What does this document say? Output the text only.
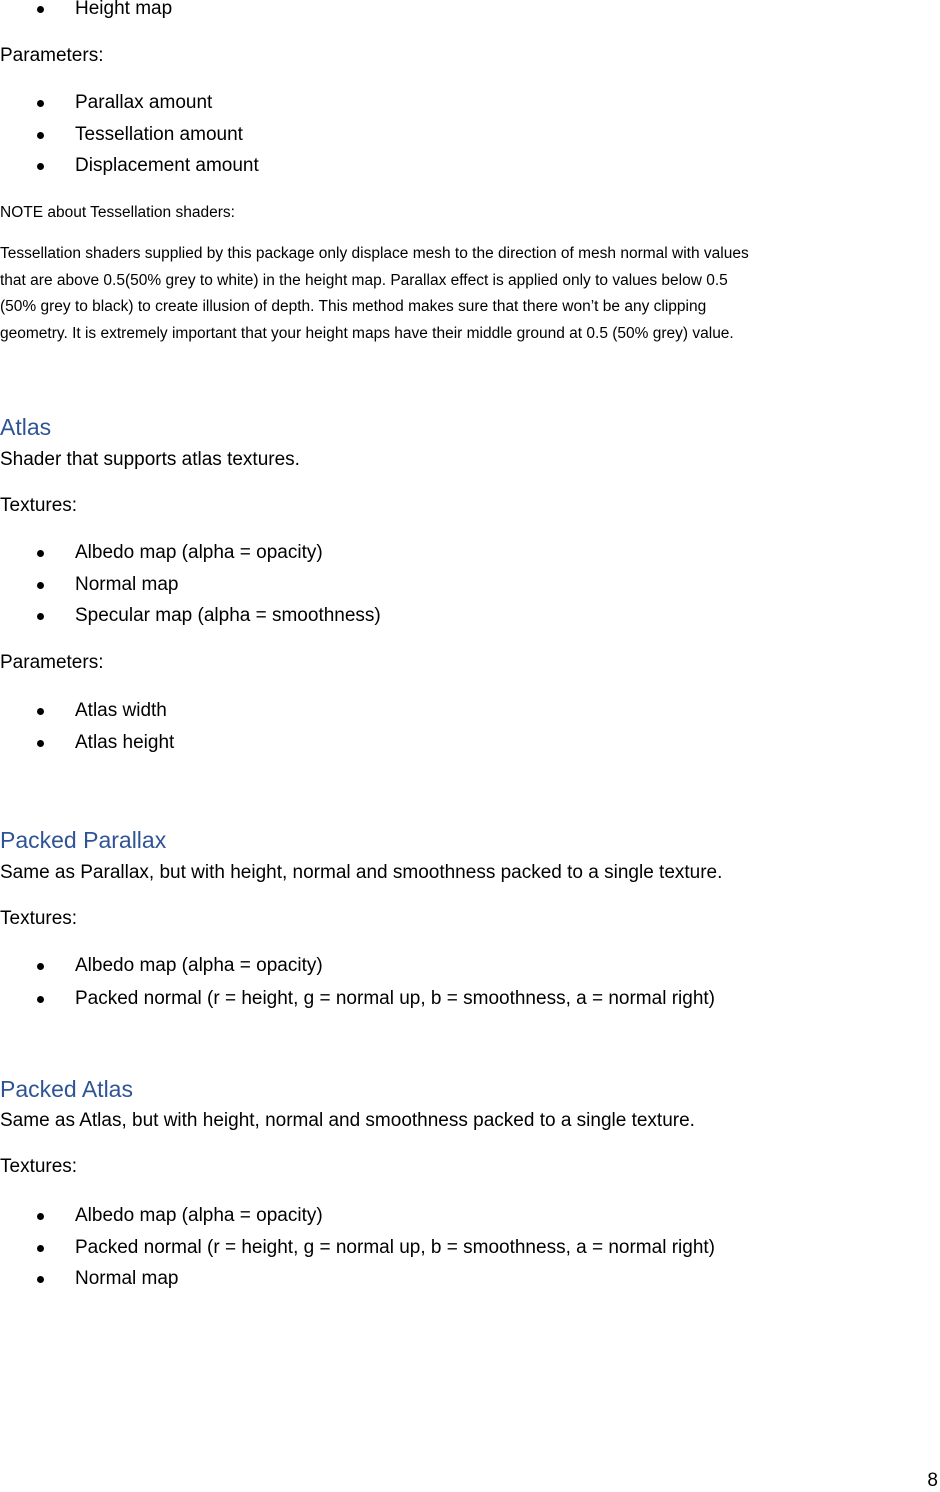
Height map
Parameters:
Parallax amount
Tessellation amount
Displacement amount
NOTE about Tessellation shaders:
Tessellation shaders supplied by this package only displace mesh to the direction of mesh normal with values
that are above 0.5(50% grey to white) in the height map. Parallax effect is applied only to values below 0.5
(50% grey to black) to create illusion of depth. This method makes sure that there won’t be any clipping
geometry. It is extremely important that your height maps have their middle ground at 0.5 (50% grey) value.
Atlas
Shader that supports atlas textures.
Textures:
Albedo map (alpha = opacity)
Normal map
Specular map (alpha = smoothness)
Parameters:
Atlas width
Atlas height
Packed Parallax
Same as Parallax, but with height, normal and smoothness packed to a single texture.
Textures:
Albedo map (alpha = opacity)
Packed normal (r = height, g = normal up, b = smoothness, a = normal right)
Packed Atlas
Same as Atlas, but with height, normal and smoothness packed to a single texture.
Textures:
Albedo map (alpha = opacity)
Packed normal (r = height, g = normal up, b = smoothness, a = normal right)
Normal map
8
